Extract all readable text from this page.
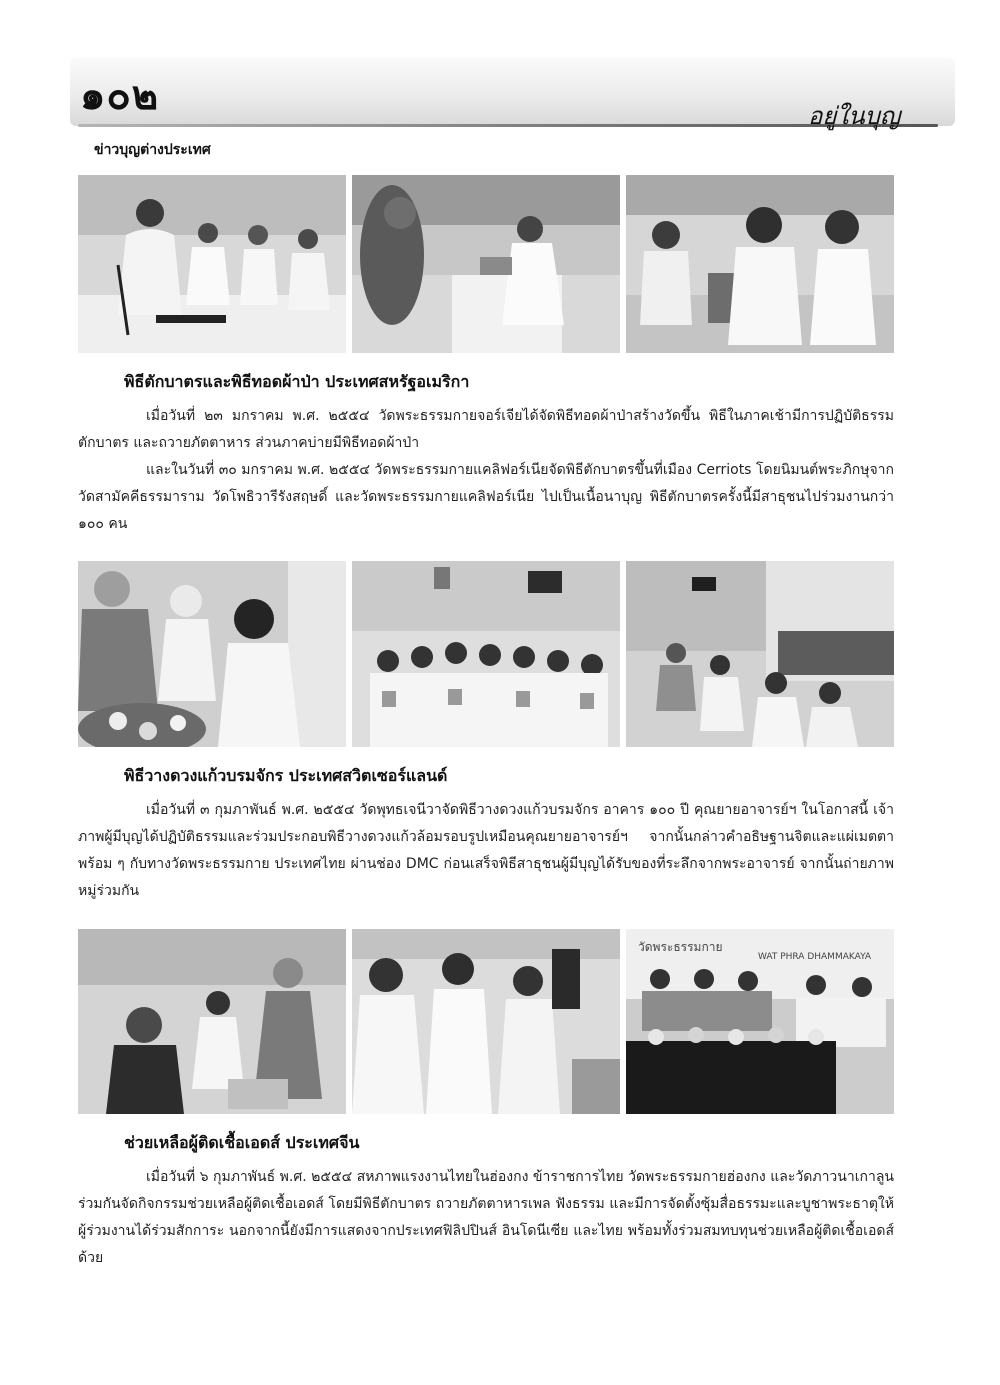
๑๐๒	อยู่ในบุญ
ข่าวบุญต่างประเทศ
พิธีตักบาตรและพิธีทอดผ้าป่า ประเทศสหรัฐอเมริกา

เมื่อวันที่ ๒๓ มกราคม พ.ศ. ๒๕๕๔ วัดพระธรรมกายจอร์เจียได้จัดพิธีทอดผ้าป่าสร้างวัดขึ้น พิธีในภาคเช้ามีการปฏิบัติธรรม ตักบาตร และถวายภัตตาหาร ส่วนภาคบ่ายมีพิธีทอดผ้าป่า

และในวันที่ ๓๐ มกราคม พ.ศ. ๒๕๕๔ วัดพระธรรมกายแคลิฟอร์เนียจัดพิธีตักบาตรขึ้นที่เมือง Cerriots โดยนิมนต์พระภิกษุจากวัดสามัคคีธรรมาราม วัดโพธิวารีรังสฤษดิ์ และวัดพระธรรมกายแคลิฟอร์เนีย ไปเป็นเนื้อนาบุญ พิธีตักบาตรครั้งนี้มีสาธุชนไปร่วมงานกว่า ๑๐๐ คน

พิธีวางดวงแก้วบรมจักร ประเทศสวิตเซอร์แลนด์

เมื่อวันที่ ๓ กุมภาพันธ์ พ.ศ. ๒๕๕๔ วัดพุทธเจนีวาจัดพิธีวางดวงแก้วบรมจักร อาคาร ๑๐๐ ปี คุณยายอาจารย์ฯ ในโอกาสนี้ เจ้าภาพผู้มีบุญได้ปฏิบัติธรรมและร่วมประกอบพิธีวางดวงแก้วล้อมรอบรูปเหมือนคุณยายอาจารย์ฯ จากนั้นกล่าวคำอธิษฐานจิตและแผ่เมตตาพร้อม ๆ กับทางวัดพระธรรมกาย ประเทศไทย ผ่านช่อง DMC ก่อนเสร็จพิธีสาธุชนผู้มีบุญได้รับของที่ระลึกจากพระอาจารย์ จากนั้นถ่ายภาพหมู่ร่วมกัน

วัดพระธรรมกาย
WAT PHRA DHAMMAKAYA
ช่วยเหลือผู้ติดเชื้อเอดส์ ประเทศจีน

เมื่อวันที่ ๖ กุมภาพันธ์ พ.ศ. ๒๕๕๔ สหภาพแรงงานไทยในฮ่องกง ข้าราชการไทย วัดพระธรรมกายฮ่องกง และวัดภาวนาเกาลูน ร่วมกันจัดกิจกรรมช่วยเหลือผู้ติดเชื้อเอดส์ โดยมีพิธีตักบาตร ถวายภัตตาหารเพล ฟังธรรม และมีการจัดตั้งซุ้มสื่อธรรมะและบูชาพระธาตุให้ผู้ร่วมงานได้ร่วมสักการะ นอกจากนี้ยังมีการแสดงจากประเทศฟิลิปปินส์ อินโดนีเซีย และไทย พร้อมทั้งร่วมสมทบทุนช่วยเหลือผู้ติดเชื้อเอดส์ด้วย
